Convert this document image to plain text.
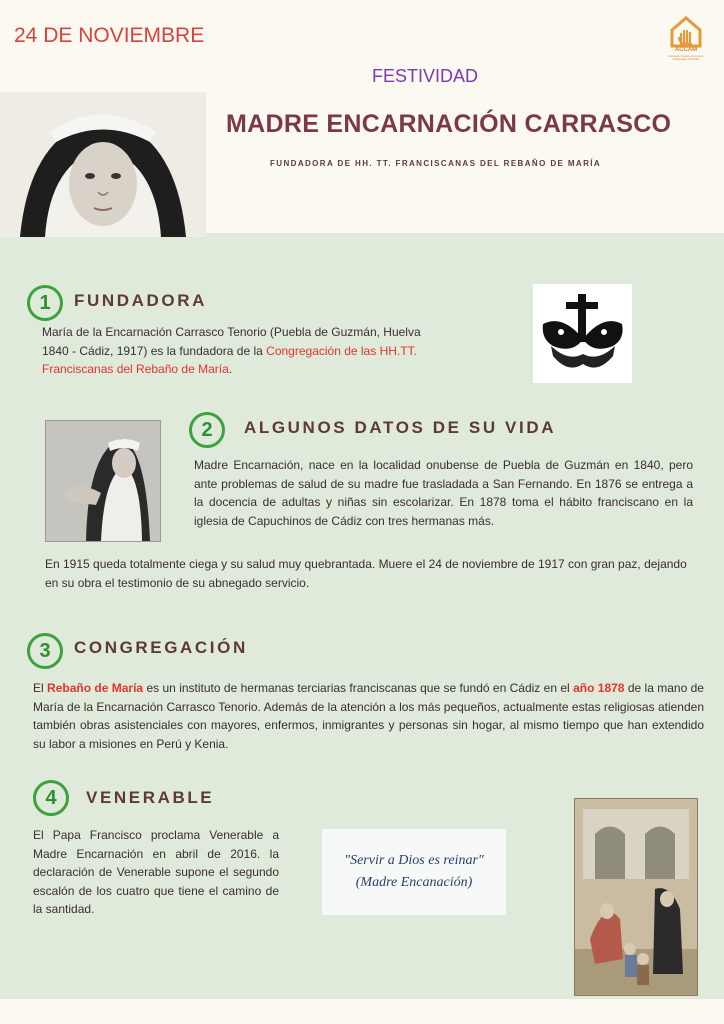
24 DE NOVIEMBRE
ACCAM
Asociación Católica de Centros Asistenciales de Madrid
FESTIVIDAD
MADRE ENCARNACIÓN CARRASCO
FUNDADORA DE HH. TT. FRANCISCANAS DEL REBAÑO DE MARÍA
1	FUNDADORA
María de la Encarnación Carrasco Tenorio (Puebla de Guzmán, Huelva 1840 - Cádiz, 1917) es la fundadora de la Congregación de las HH.TT. Franciscanas del Rebaño de María.
2	ALGUNOS DATOS DE SU VIDA
Madre Encarnación, nace en la localidad onubense de Puebla de Guzmán en 1840, pero ante problemas de salud de su madre fue trasladada a San Fernando. En 1876 se entrega a la docencia de adultas y niñas sin escolarizar. En 1878 toma el hábito franciscano en la iglesia de Capuchinos de Cádiz con tres hermanas más.
En 1915 queda totalmente ciega y su salud muy quebrantada. Muere el 24 de noviembre de 1917 con gran paz, dejando en su obra el testimonio de su abnegado servicio.
3	CONGREGACIÓN
El Rebaño de María es un instituto de hermanas terciarias franciscanas que se fundó en Cádiz en el año 1878 de la mano de María de la Encarnación Carrasco Tenorio. Además de la atención a los más pequeños, actualmente estas religiosas atienden también obras asistenciales con mayores, enfermos, inmigrantes y personas sin hogar, al mismo tiempo que han extendido su labor a misiones en Perú y Kenia.
4	VENERABLE
El Papa Francisco proclama Venerable a Madre Encarnación en abril de 2016. la declaración de Venerable supone el segundo escalón de los cuatro que tiene el camino de la santidad.
"Servir a Dios es reinar"
(Madre Encanación)
